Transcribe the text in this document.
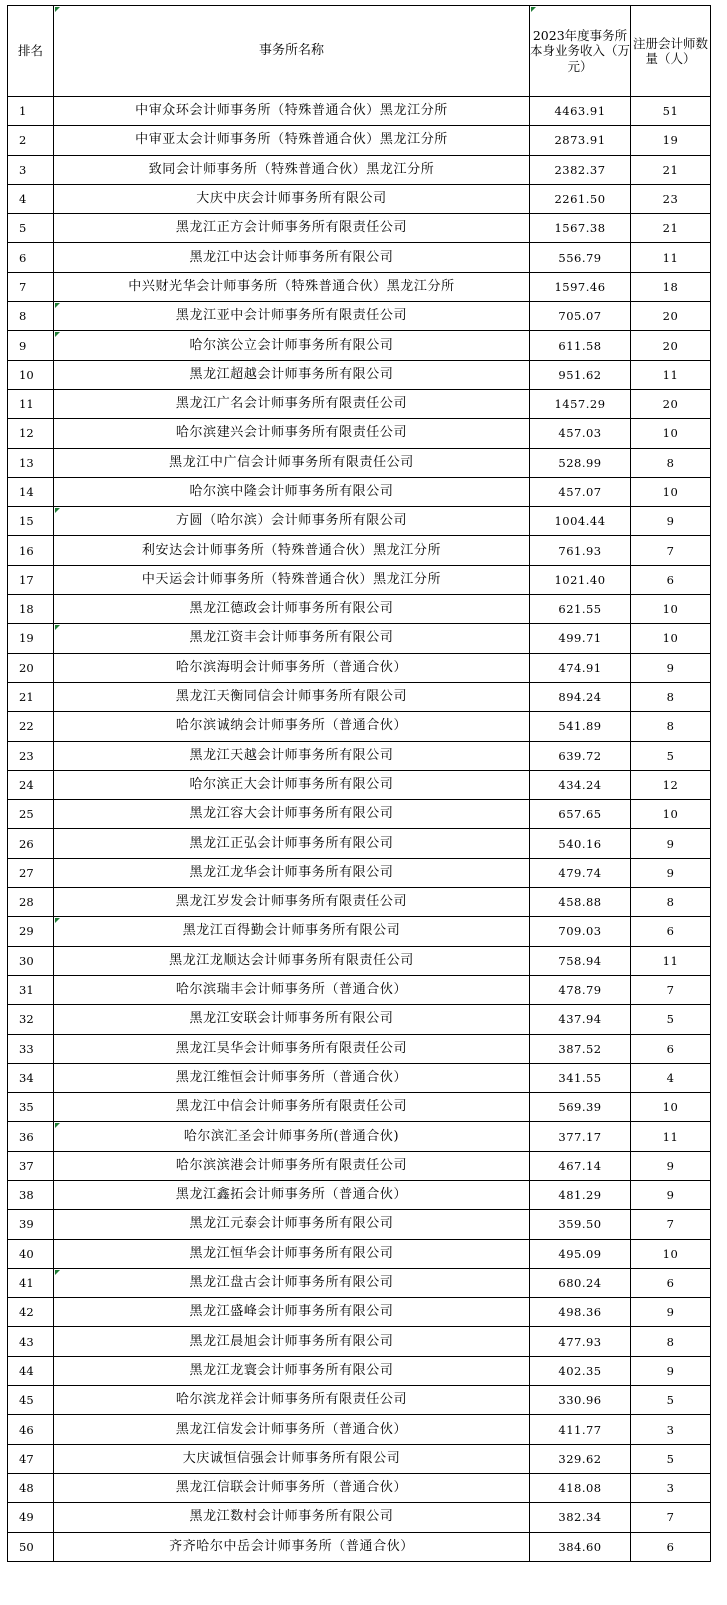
排名	事务所名称	2023年度事务所本身业务收入（万元）	注册会计师数量（人）
1	中审众环会计师事务所（特殊普通合伙）黑龙江分所	4463.91	51
2	中审亚太会计师事务所（特殊普通合伙）黑龙江分所	2873.91	19
3	致同会计师事务所（特殊普通合伙）黑龙江分所	2382.37	21
4	大庆中庆会计师事务所有限公司	2261.50	23
5	黑龙江正方会计师事务所有限责任公司	1567.38	21
6	黑龙江中达会计师事务所有限公司	556.79	11
7	中兴财光华会计师事务所（特殊普通合伙）黑龙江分所	1597.46	18
8	黑龙江亚中会计师事务所有限责任公司	705.07	20
9	哈尔滨公立会计师事务所有限公司	611.58	20
10	黑龙江超越会计师事务所有限公司	951.62	11
11	黑龙江广名会计师事务所有限责任公司	1457.29	20
12	哈尔滨建兴会计师事务所有限责任公司	457.03	10
13	黑龙江中广信会计师事务所有限责任公司	528.99	8
14	哈尔滨中隆会计师事务所有限公司	457.07	10
15	方圆（哈尔滨）会计师事务所有限公司	1004.44	9
16	利安达会计师事务所（特殊普通合伙）黑龙江分所	761.93	7
17	中天运会计师事务所（特殊普通合伙）黑龙江分所	1021.40	6
18	黑龙江德政会计师事务所有限公司	621.55	10
19	黑龙江资丰会计师事务所有限公司	499.71	10
20	哈尔滨海明会计师事务所（普通合伙）	474.91	9
21	黑龙江天衡同信会计师事务所有限公司	894.24	8
22	哈尔滨诚纳会计师事务所（普通合伙）	541.89	8
23	黑龙江天越会计师事务所有限公司	639.72	5
24	哈尔滨正大会计师事务所有限公司	434.24	12
25	黑龙江容大会计师事务所有限公司	657.65	10
26	黑龙江正弘会计师事务所有限公司	540.16	9
27	黑龙江龙华会计师事务所有限公司	479.74	9
28	黑龙江岁发会计师事务所有限责任公司	458.88	8
29	黑龙江百得勤会计师事务所有限公司	709.03	6
30	黑龙江龙顺达会计师事务所有限责任公司	758.94	11
31	哈尔滨瑞丰会计师事务所（普通合伙）	478.79	7
32	黑龙江安联会计师事务所有限公司	437.94	5
33	黑龙江昊华会计师事务所有限责任公司	387.52	6
34	黑龙江维恒会计师事务所（普通合伙）	341.55	4
35	黑龙江中信会计师事务所有限责任公司	569.39	10
36	哈尔滨汇圣会计师事务所(普通合伙)	377.17	11
37	哈尔滨滨港会计师事务所有限责任公司	467.14	9
38	黑龙江鑫拓会计师事务所（普通合伙）	481.29	9
39	黑龙江元泰会计师事务所有限公司	359.50	7
40	黑龙江恒华会计师事务所有限公司	495.09	10
41	黑龙江盘古会计师事务所有限公司	680.24	6
42	黑龙江盛峰会计师事务所有限公司	498.36	9
43	黑龙江晨旭会计师事务所有限公司	477.93	8
44	黑龙江龙寰会计师事务所有限公司	402.35	9
45	哈尔滨龙祥会计师事务所有限责任公司	330.96	5
46	黑龙江信发会计师事务所（普通合伙）	411.77	3
47	大庆诚恒信强会计师事务所有限公司	329.62	5
48	黑龙江信联会计师事务所（普通合伙）	418.08	3
49	黑龙江数村会计师事务所有限公司	382.34	7
50	齐齐哈尔中岳会计师事务所（普通合伙）	384.60	6
